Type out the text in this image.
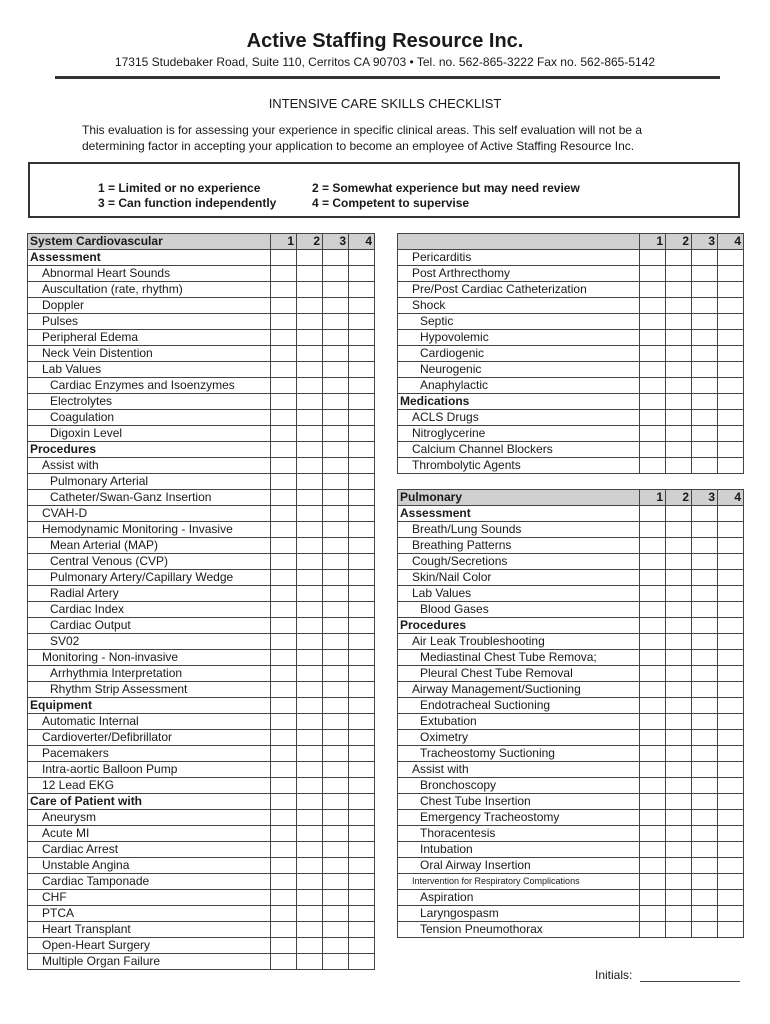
Active Staffing Resource Inc.
17315 Studebaker Road, Suite 110, Cerritos CA 90703 • Tel. no. 562-865-3222 Fax no. 562-865-5142
INTENSIVE CARE SKILLS CHECKLIST
This evaluation is for assessing your experience in specific clinical areas. This self evaluation will not be a
determining factor in accepting your application to become an employee of Active Staffing Resource Inc.
1 = Limited or no experience	2 = Somewhat experience but may need review
3 = Can function independently	4 = Competent to supervise
System Cardiovascular	1	2	3	4
Assessment				
Abnormal Heart Sounds				
Auscultation (rate, rhythm)				
Doppler				
Pulses				
Peripheral Edema				
Neck Vein Distention				
Lab Values				
Cardiac Enzymes and Isoenzymes				
Electrolytes				
Coagulation				
Digoxin Level				
Procedures				
Assist with				
Pulmonary Arterial				
Catheter/Swan-Ganz Insertion				
CVAH-D				
Hemodynamic Monitoring - Invasive				
Mean Arterial (MAP)				
Central Venous (CVP)				
Pulmonary Artery/Capillary Wedge				
Radial Artery				
Cardiac Index				
Cardiac Output				
SV02				
Monitoring - Non-invasive				
Arrhythmia Interpretation				
Rhythm Strip Assessment				
Equipment				
Automatic Internal				
Cardioverter/Defibrillator				
Pacemakers				
Intra-aortic Balloon Pump				
12 Lead EKG				
Care of Patient with				
Aneurysm				
Acute MI				
Cardiac Arrest				
Unstable Angina				
Cardiac Tamponade				
CHF				
PTCA				
Heart Transplant				
Open-Heart Surgery				
Multiple Organ Failure				
	1	2	3	4
Pericarditis				
Post Arthrecthomy				
Pre/Post Cardiac Catheterization				
Shock				
Septic				
Hypovolemic				
Cardiogenic				
Neurogenic				
Anaphylactic				
Medications				
ACLS Drugs				
Nitroglycerine				
Calcium Channel Blockers				
Thrombolytic Agents				

Pulmonary	1	2	3	4
Assessment				
Breath/Lung Sounds				
Breathing Patterns				
Cough/Secretions				
Skin/Nail Color				
Lab Values				
Blood Gases				
Procedures				
Air Leak Troubleshooting				
Mediastinal Chest Tube Remova;				
Pleural Chest Tube Removal				
Airway Management/Suctioning				
Endotracheal Suctioning				
Extubation				
Oximetry				
Tracheostomy Suctioning				
Assist with				
Bronchoscopy				
Chest Tube Insertion				
Emergency Tracheostomy				
Thoracentesis				
Intubation				
Oral Airway Insertion				
Intervention for Respiratory Complications				
Aspiration				
Laryngospasm				
Tension Pneumothorax				
Initials:
